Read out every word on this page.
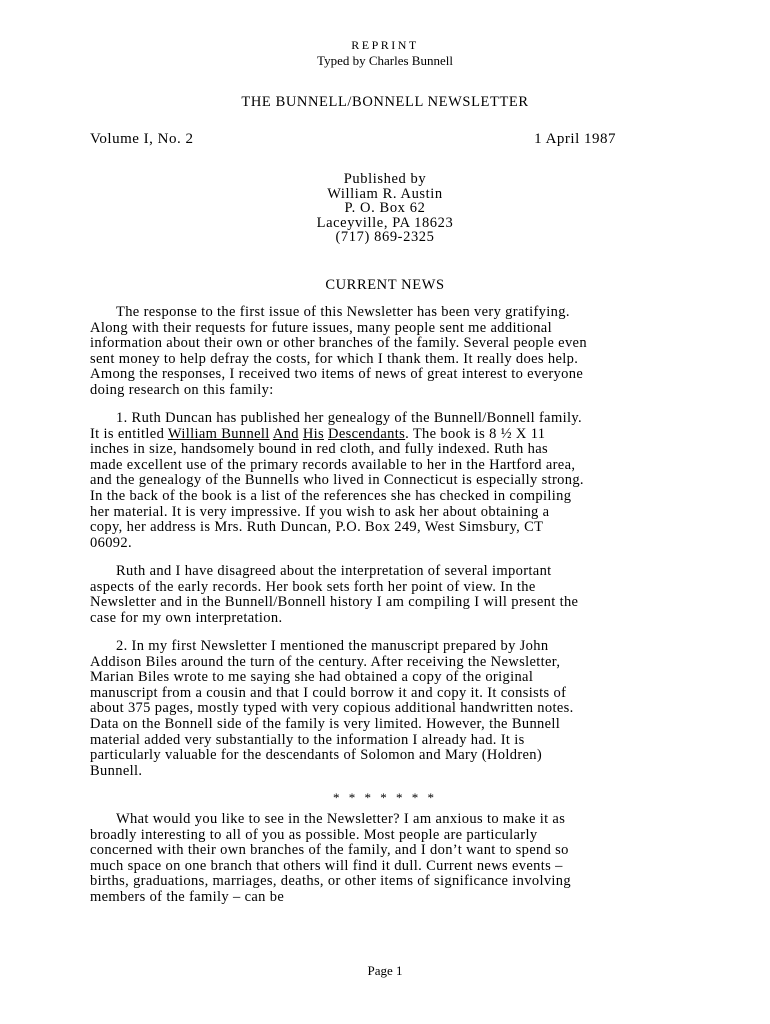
REPRINT
Typed by Charles Bunnell
THE BUNNELL/BONNELL NEWSLETTER
Volume I, No. 2	1 April 1987
Published by
William R. Austin
P. O. Box 62
Laceyville, PA 18623
(717) 869-2325
CURRENT NEWS
The response to the first issue of this Newsletter has been very gratifying.
Along with their requests for future issues, many people sent me additional
information about their own or other branches of the family. Several people even
sent money to help defray the costs, for which I thank them. It really does help.
Among the responses, I received two items of news of great interest to everyone
doing research on this family:
1. Ruth Duncan has published her genealogy of the Bunnell/Bonnell family.
It is entitled William Bunnell And His Descendants. The book is 8 ½ X 11
inches in size, handsomely bound in red cloth, and fully indexed. Ruth has
made excellent use of the primary records available to her in the Hartford area,
and the genealogy of the Bunnells who lived in Connecticut is especially strong.
In the back of the book is a list of the references she has checked in compiling
her material. It is very impressive. If you wish to ask her about obtaining a
copy, her address is Mrs. Ruth Duncan, P.O. Box 249, West Simsbury, CT
06092.
Ruth and I have disagreed about the interpretation of several important
aspects of the early records. Her book sets forth her point of view. In the
Newsletter and in the Bunnell/Bonnell history I am compiling I will present the
case for my own interpretation.
2. In my first Newsletter I mentioned the manuscript prepared by John
Addison Biles around the turn of the century. After receiving the Newsletter,
Marian Biles wrote to me saying she had obtained a copy of the original
manuscript from a cousin and that I could borrow it and copy it. It consists of
about 375 pages, mostly typed with very copious additional handwritten notes.
Data on the Bonnell side of the family is very limited. However, the Bunnell
material added very substantially to the information I already had. It is
particularly valuable for the descendants of Solomon and Mary (Holdren)
Bunnell.
* * * * * * *
What would you like to see in the Newsletter? I am anxious to make it as
broadly interesting to all of you as possible. Most people are particularly
concerned with their own branches of the family, and I don’t want to spend so
much space on one branch that others will find it dull. Current news events –
births, graduations, marriages, deaths, or other items of significance involving
members of the family – can be
Page 1
